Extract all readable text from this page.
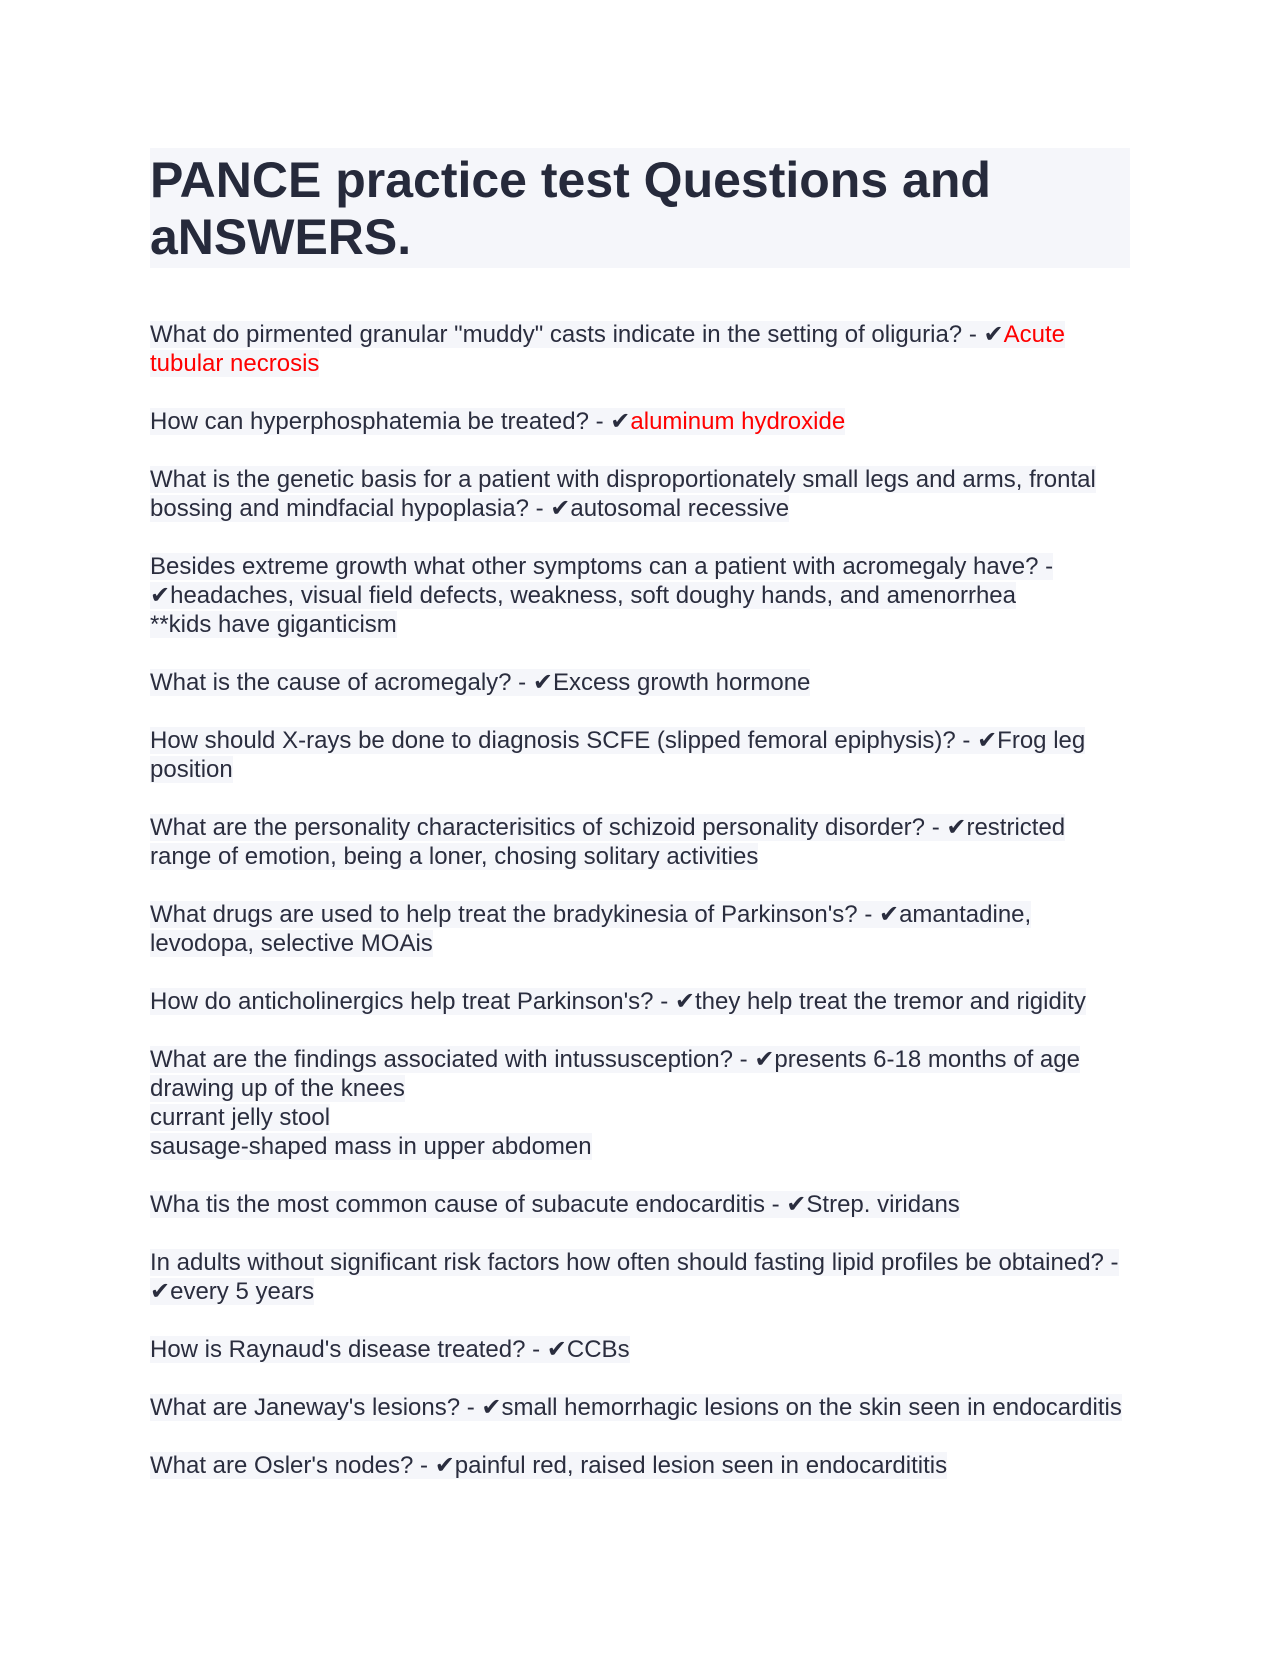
PANCE practice test Questions and aNSWERS.

What do pirmented granular "muddy" casts indicate in the setting of oliguria? - ✔Acute tubular necrosis

How can hyperphosphatemia be treated? - ✔aluminum hydroxide

What is the genetic basis for a patient with disproportionately small legs and arms, frontal bossing and mindfacial hypoplasia? - ✔autosomal recessive

Besides extreme growth what other symptoms can a patient with acromegaly have? - ✔headaches, visual field defects, weakness, soft doughy hands, and amenorrhea
**kids have giganticism

What is the cause of acromegaly? - ✔Excess growth hormone

How should X-rays be done to diagnosis SCFE (slipped femoral epiphysis)? - ✔Frog leg position

What are the personality characterisitics of schizoid personality disorder? - ✔restricted range of emotion, being a loner, chosing solitary activities

What drugs are used to help treat the bradykinesia of Parkinson's? - ✔amantadine, levodopa, selective MOAis

How do anticholinergics help treat Parkinson's? - ✔they help treat the tremor and rigidity

What are the findings associated with intussusception? - ✔presents 6-18 months of age
drawing up of the knees
currant jelly stool
sausage-shaped mass in upper abdomen

Wha tis the most common cause of subacute endocarditis - ✔Strep. viridans

In adults without significant risk factors how often should fasting lipid profiles be obtained? - ✔every 5 years

How is Raynaud's disease treated? - ✔CCBs

What are Janeway's lesions? - ✔small hemorrhagic lesions on the skin seen in endocarditis

What are Osler's nodes? - ✔painful red, raised lesion seen in endocardititis
